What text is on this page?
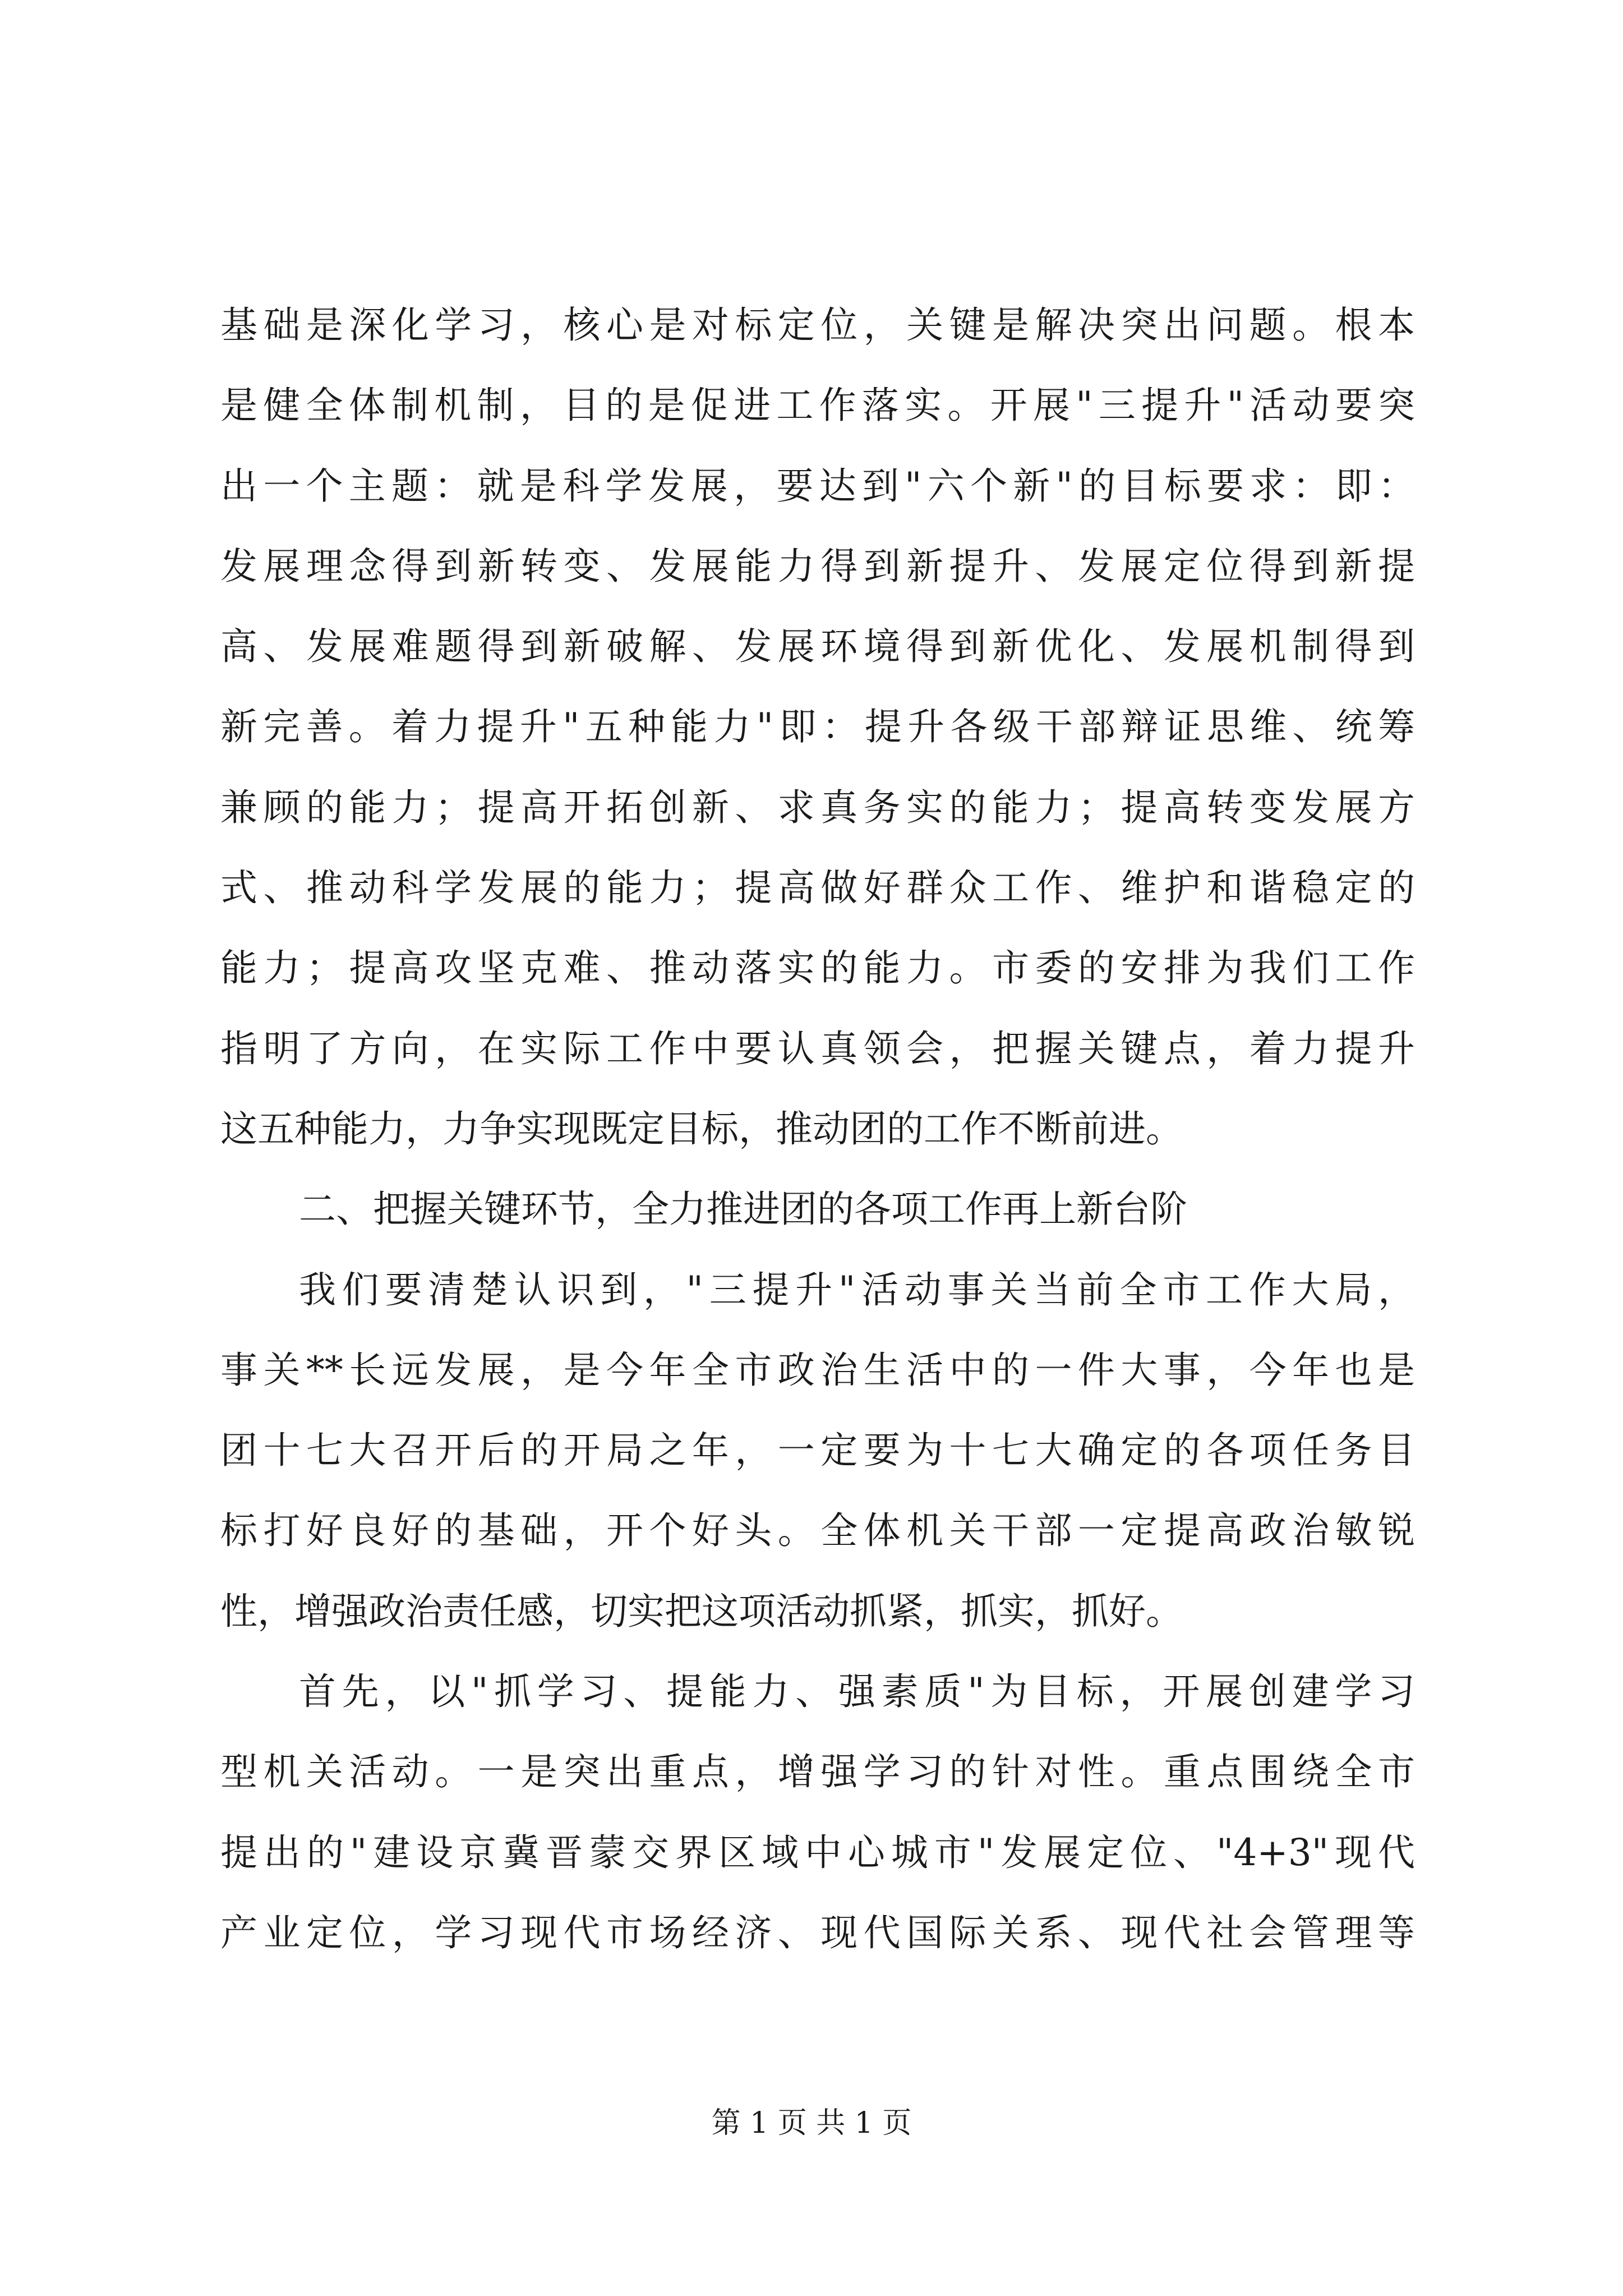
基础是深化学习，核心是对标定位，关键是解决突出问题。根本
是健全体制机制，目的是促进工作落实。开展"三提升"活动要突
出一个主题：就是科学发展，要达到"六个新"的目标要求：即：
发展理念得到新转变、发展能力得到新提升、发展定位得到新提
高、发展难题得到新破解、发展环境得到新优化、发展机制得到
新完善。着力提升"五种能力"即：提升各级干部辩证思维、统筹
兼顾的能力；提高开拓创新、求真务实的能力；提高转变发展方
式、推动科学发展的能力；提高做好群众工作、维护和谐稳定的
能力；提高攻坚克难、推动落实的能力。市委的安排为我们工作
指明了方向，在实际工作中要认真领会，把握关键点，着力提升
这五种能力，力争实现既定目标，推动团的工作不断前进。
二、把握关键环节，全力推进团的各项工作再上新台阶
我们要清楚认识到，"三提升"活动事关当前全市工作大局，
事关**长远发展，是今年全市政治生活中的一件大事，今年也是
团十七大召开后的开局之年，一定要为十七大确定的各项任务目
标打好良好的基础，开个好头。全体机关干部一定提高政治敏锐
性，增强政治责任感，切实把这项活动抓紧，抓实，抓好。
首先，以"抓学习、提能力、强素质"为目标，开展创建学习
型机关活动。一是突出重点，增强学习的针对性。重点围绕全市
提出的"建设京冀晋蒙交界区域中心城市"发展定位、"4+3"现代
产业定位，学习现代市场经济、现代国际关系、现代社会管理等
第 1 页 共 1 页
